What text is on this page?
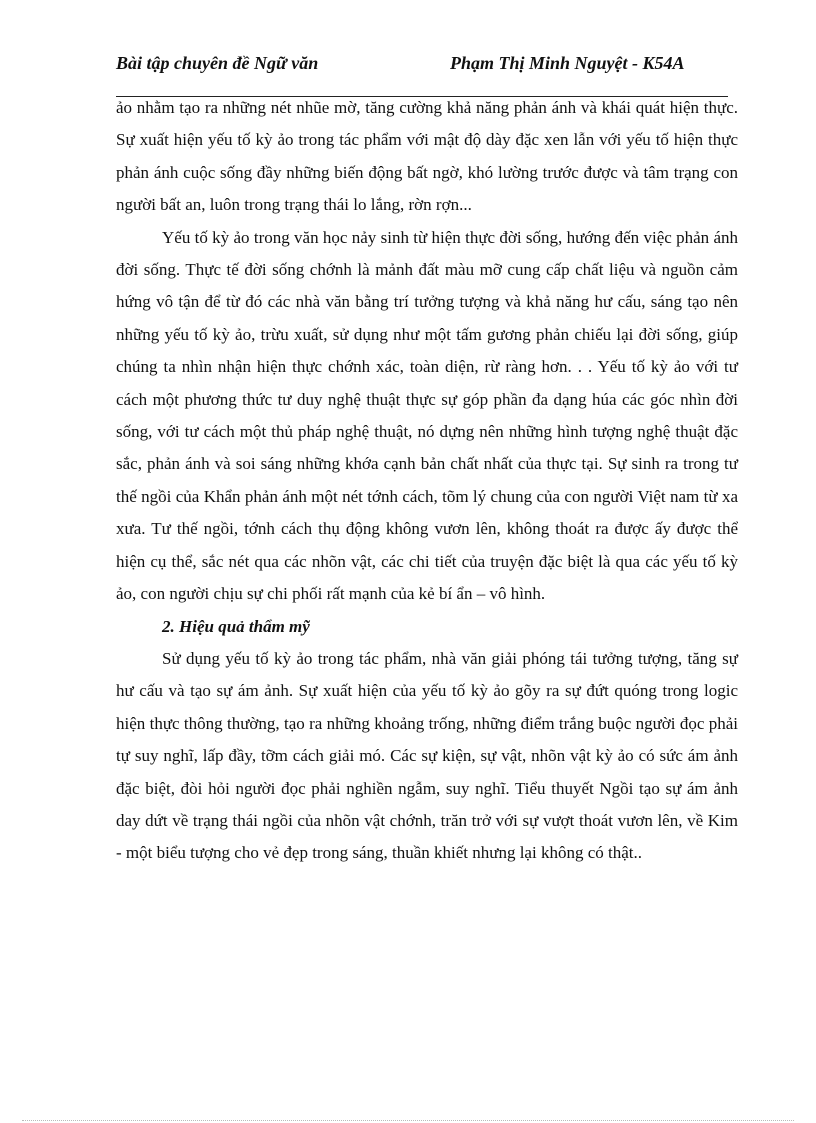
Bài tập chuyên đề Ngữ văn	Phạm Thị Minh Nguyệt - K54A

ảo nhằm tạo ra những nét nhũe mờ, tăng cường khả năng phản ánh và khái quát hiện thực. Sự xuất hiện yếu tố kỳ ảo trong tác phẩm với mật độ dày đặc xen lẫn với yếu tố hiện thực phản ánh cuộc sống đầy những biến động bất ngờ, khó lường trước được và tâm trạng con người bất an, luôn trong trạng thái lo lắng, rờn rợn...

Yếu tố kỳ ảo trong văn học nảy sinh từ hiện thực đời sống, hướng đến việc phản ánh đời sống. Thực tế đời sống chớnh là mảnh đất màu mỡ cung cấp chất liệu và nguồn cảm hứng vô tận để từ đó các nhà văn bằng trí tưởng tượng và khả năng hư cấu, sáng tạo nên những yếu tố kỳ ảo, trừu xuất, sử dụng như một tấm gương phản chiếu lại đời sống, giúp chúng ta nhìn nhận hiện thực chớnh xác, toàn diện, rừ ràng hơn. . . Yếu tố kỳ ảo với tư cách một phương thức tư duy nghệ thuật thực sự góp phần đa dạng húa các góc nhìn đời sống, với tư cách một thủ pháp nghệ thuật, nó dựng nên những hình tượng nghệ thuật đặc sắc, phản ánh và soi sáng những khớa cạnh bản chất nhất của thực tại. Sự sinh ra trong tư thế ngồi của Khẩn phản ánh một nét tớnh cách, tõm lý chung của con người Việt nam từ xa xưa. Tư thế ngồi, tớnh cách thụ động không vươn lên, không thoát ra được ấy được thể hiện cụ thể, sắc nét qua các nhõn vật, các chi tiết của truyện đặc biệt là qua các yếu tố kỳ ảo, con người chịu sự chi phối rất mạnh của kẻ bí ẩn – vô hình.

2. Hiệu quả thẩm mỹ

Sử dụng yếu tố kỳ ảo trong tác phẩm, nhà văn giải phóng tái tưởng tượng, tăng sự hư cấu và tạo sự ám ảnh. Sự xuất hiện của yếu tố kỳ ảo gõy ra sự đứt quóng trong logic hiện thực thông thường, tạo ra những khoảng trống, những điểm trắng buộc người đọc phải tự suy nghĩ, lấp đầy, tỡm cách giải mó. Các sự kiện, sự vật, nhõn vật kỳ ảo có sức ám ảnh đặc biệt, đòi hỏi người đọc phải nghiền ngẫm, suy nghĩ. Tiểu thuyết Ngồi tạo sự ám ảnh day dứt về trạng thái ngồi của nhõn vật chớnh, trăn trở với sự vượt thoát vươn lên, về Kim - một biểu tượng cho vẻ đẹp trong sáng, thuần khiết nhưng lại không có thật..
